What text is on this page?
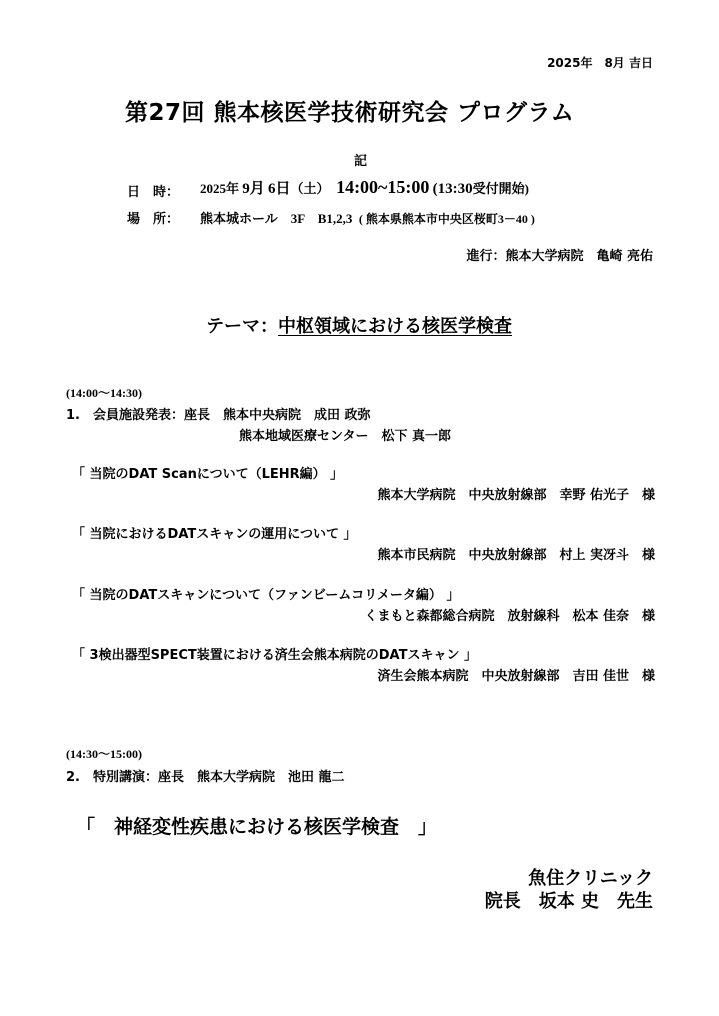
2025年　8月 吉日
第27回 熊本核医学技術研究会 プログラム
記
日　時： 2025年 9月 6日（土） 14:00~15:00 (13:30受付開始)
場　所： 熊本城ホール　3F　B1,2,3 ( 熊本県熊本市中央区桜町3－40 )
進行：熊本大学病院　亀崎 亮佑
テーマ：中枢領域における核医学検査
(14:00～14:30)
1.　会員施設発表：座長　熊本中央病院　成田 政弥
熊本地域医療センター　松下 真一郎
「 当院のDAT Scanについて（LEHR編） 」
熊本大学病院　中央放射線部　幸野 佑光子　様
「 当院におけるDATスキャンの運用について 」
熊本市民病院　中央放射線部　村上 実冴斗　様
「 当院のDATスキャンについて（ファンビームコリメータ編） 」
くまもと森都総合病院　放射線科　松本 佳奈　様
「 3検出器型SPECT装置における済生会熊本病院のDATスキャン 」
済生会熊本病院　中央放射線部　吉田 佳世　様
(14:30～15:00)
2.　特別講演：座長　熊本大学病院　池田 龍二
「　神経変性疾患における核医学検査　」
魚住クリニック
院長　坂本 史　先生
